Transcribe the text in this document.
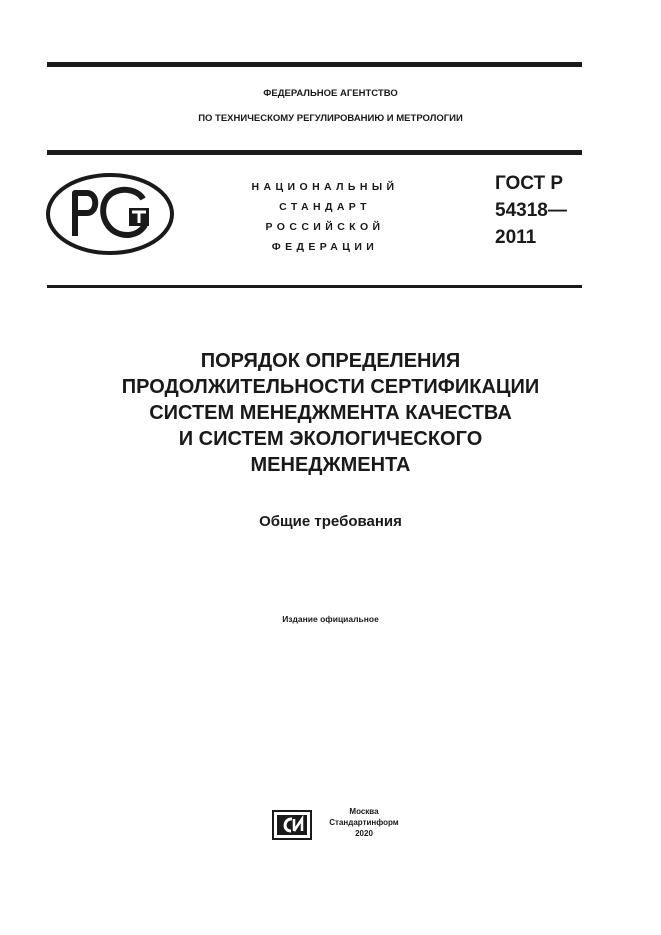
ФЕДЕРАЛЬНОЕ АГЕНТСТВО
ПО ТЕХНИЧЕСКОМУ РЕГУЛИРОВАНИЮ И МЕТРОЛОГИИ
НАЦИОНАЛЬНЫЙ
СТАНДАРТ
РОССИЙСКОЙ
ФЕДЕРАЦИИ
ГОСТ Р
54318—
2011
ПОРЯДОК ОПРЕДЕЛЕНИЯ
ПРОДОЛЖИТЕЛЬНОСТИ СЕРТИФИКАЦИИ
СИСТЕМ МЕНЕДЖМЕНТА КАЧЕСТВА
И СИСТЕМ ЭКОЛОГИЧЕСКОГО
МЕНЕДЖМЕНТА
Общие требования
Издание официальное
Москва
Стандартинформ
2020
